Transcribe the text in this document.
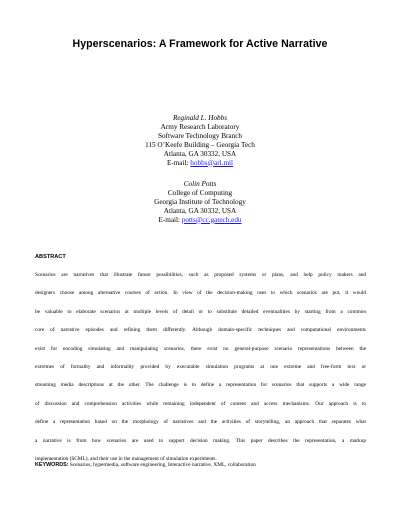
Hyperscenarios: A Framework for Active Narrative
Reginald L. Hobbs
Army Research Laboratory
Software Technology Branch
115 O’Keefe Building – Georgia Tech
Atlanta, GA 30332, USA
E-mail: hobbs@arl.mil
Colin Potts
College of Computing
Georgia Institute of Technology
Atlanta, GA 30332, USA
E-mail: potts@cc.gatech.edu
ABSTRACT
Scenarios are narratives that illustrate future possibilities, such as proposed systems or plans, and help policy makers and
designers choose among alternative courses of action. In view of the decision-making uses to which scenarios are put, it would
be valuable to elaborate scenarios at multiple levels of detail or to substitute detailed eventualities by starting from a common
core of narrative episodes and refining them differently. Although domain-specific techniques and computational environments
exist for encoding simulating and manipulating scenarios, there exist no general-purpose scenario representations between the
extremes of formality and informality provided by executable simulation programs at one extreme and free-form text or
streaming media descriptions at the other. The challenge is to define a representation for scenarios that supports a wide range
of discussion and comprehension activities while remaining independent of content and access mechanisms. Our approach is to
define a representation based on the morphology of narratives and the activities of storytelling, an approach that separates what
a narrative is from how scenarios are used to support decision making. This paper describes the representation, a markup
implementation (SCML), and their use in the management of simulation experiments.
KEYWORDS: Scenarios, hypermedia, software engineering, Interactive narrative, XML, collaboration
